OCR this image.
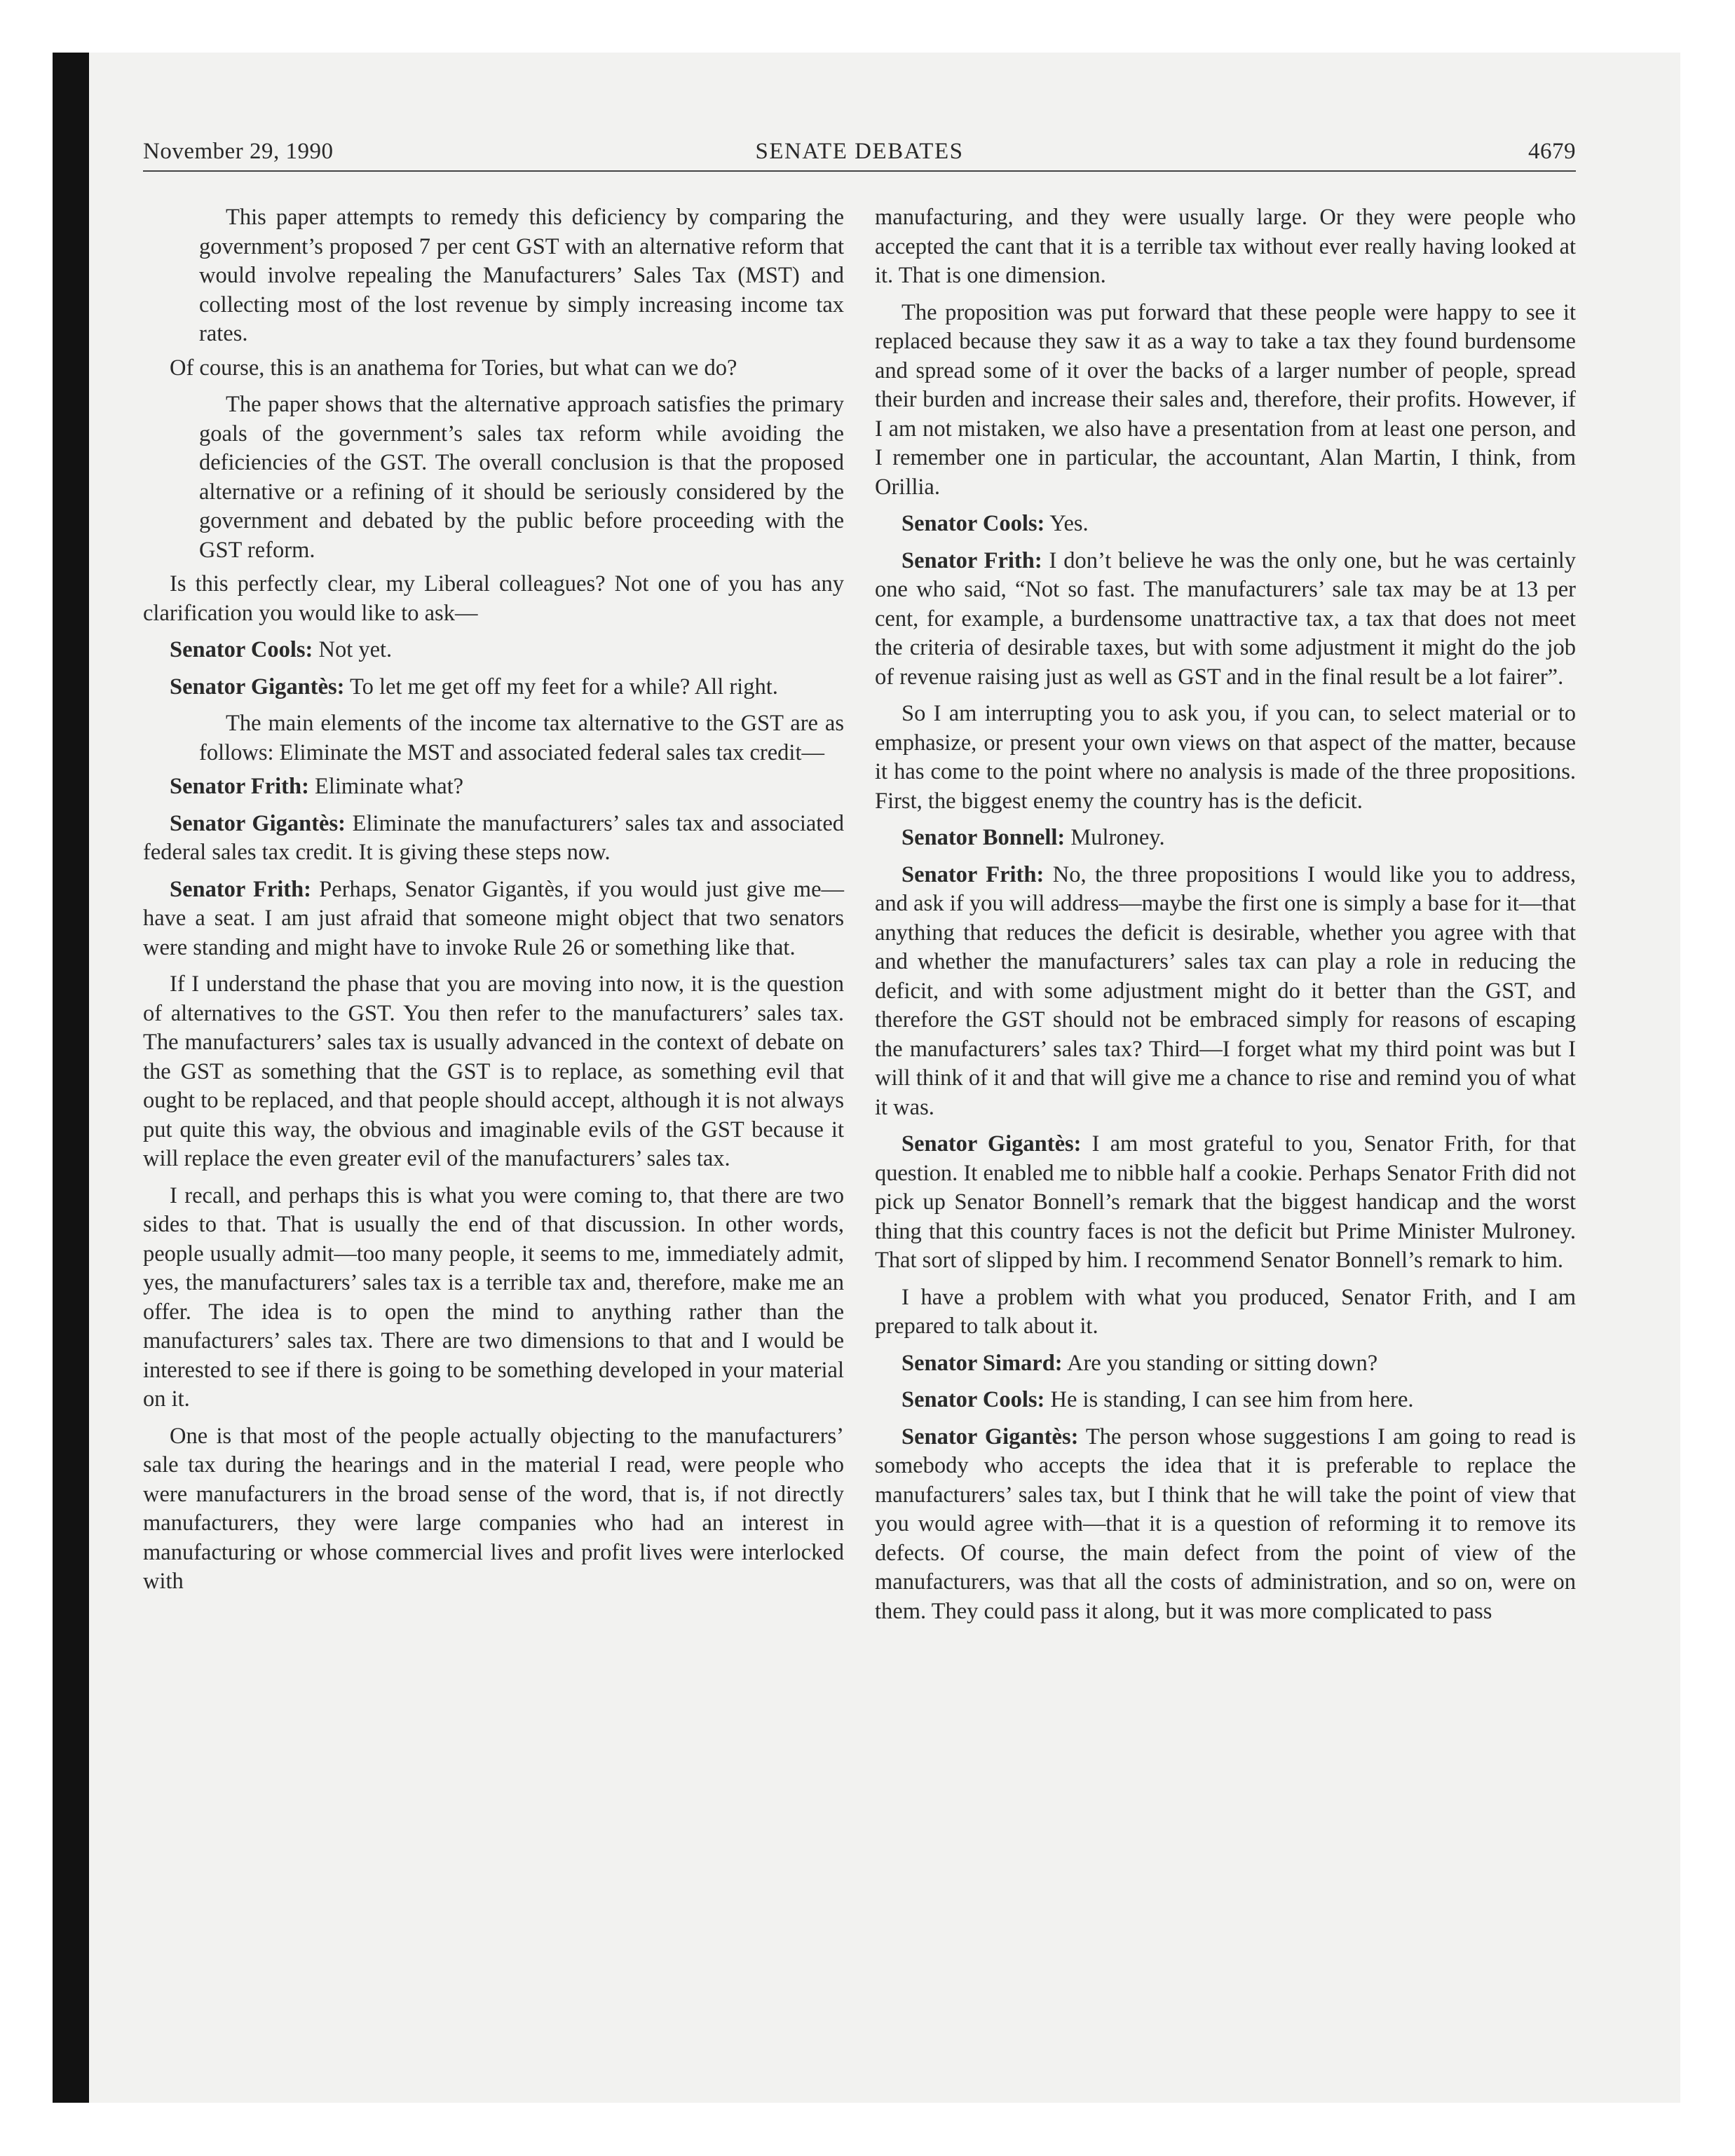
November 29, 1990	SENATE DEBATES	4679

This paper attempts to remedy this deficiency by comparing the government’s proposed 7 per cent GST with an alternative reform that would involve repealing the Manufacturers’ Sales Tax (MST) and collecting most of the lost revenue by simply increasing income tax rates.

Of course, this is an anathema for Tories, but what can we do?

The paper shows that the alternative approach satisfies the primary goals of the government’s sales tax reform while avoiding the deficiencies of the GST. The overall conclusion is that the proposed alternative or a refining of it should be seriously considered by the government and debated by the public before proceeding with the GST reform.

Is this perfectly clear, my Liberal colleagues? Not one of you has any clarification you would like to ask—

Senator Cools: Not yet.

Senator Gigantès: To let me get off my feet for a while? All right.

The main elements of the income tax alternative to the GST are as follows: Eliminate the MST and associated federal sales tax credit—

Senator Frith: Eliminate what?

Senator Gigantès: Eliminate the manufacturers’ sales tax and associated federal sales tax credit. It is giving these steps now.

Senator Frith: Perhaps, Senator Gigantès, if you would just give me—have a seat. I am just afraid that someone might object that two senators were standing and might have to invoke Rule 26 or something like that.

If I understand the phase that you are moving into now, it is the question of alternatives to the GST. You then refer to the manufacturers’ sales tax. The manufacturers’ sales tax is usually advanced in the context of debate on the GST as something that the GST is to replace, as something evil that ought to be replaced, and that people should accept, although it is not always put quite this way, the obvious and imaginable evils of the GST because it will replace the even greater evil of the manufacturers’ sales tax.

I recall, and perhaps this is what you were coming to, that there are two sides to that. That is usually the end of that discussion. In other words, people usually admit—too many people, it seems to me, immediately admit, yes, the manufacturers’ sales tax is a terrible tax and, therefore, make me an offer. The idea is to open the mind to anything rather than the manufacturers’ sales tax. There are two dimensions to that and I would be interested to see if there is going to be something developed in your material on it.

One is that most of the people actually objecting to the manufacturers’ sale tax during the hearings and in the material I read, were people who were manufacturers in the broad sense of the word, that is, if not directly manufacturers, they were large companies who had an interest in manufacturing or whose commercial lives and profit lives were interlocked with

manufacturing, and they were usually large. Or they were people who accepted the cant that it is a terrible tax without ever really having looked at it. That is one dimension.

The proposition was put forward that these people were happy to see it replaced because they saw it as a way to take a tax they found burdensome and spread some of it over the backs of a larger number of people, spread their burden and increase their sales and, therefore, their profits. However, if I am not mistaken, we also have a presentation from at least one person, and I remember one in particular, the accountant, Alan Martin, I think, from Orillia.

Senator Cools: Yes.

Senator Frith: I don’t believe he was the only one, but he was certainly one who said, “Not so fast. The manufacturers’ sale tax may be at 13 per cent, for example, a burdensome unattractive tax, a tax that does not meet the criteria of desirable taxes, but with some adjustment it might do the job of revenue raising just as well as GST and in the final result be a lot fairer”.

So I am interrupting you to ask you, if you can, to select material or to emphasize, or present your own views on that aspect of the matter, because it has come to the point where no analysis is made of the three propositions. First, the biggest enemy the country has is the deficit.

Senator Bonnell: Mulroney.

Senator Frith: No, the three propositions I would like you to address, and ask if you will address—maybe the first one is simply a base for it—that anything that reduces the deficit is desirable, whether you agree with that and whether the manufacturers’ sales tax can play a role in reducing the deficit, and with some adjustment might do it better than the GST, and therefore the GST should not be embraced simply for reasons of escaping the manufacturers’ sales tax? Third—I forget what my third point was but I will think of it and that will give me a chance to rise and remind you of what it was.

Senator Gigantès: I am most grateful to you, Senator Frith, for that question. It enabled me to nibble half a cookie. Perhaps Senator Frith did not pick up Senator Bonnell’s remark that the biggest handicap and the worst thing that this country faces is not the deficit but Prime Minister Mulroney. That sort of slipped by him. I recommend Senator Bonnell’s remark to him.

I have a problem with what you produced, Senator Frith, and I am prepared to talk about it.

Senator Simard: Are you standing or sitting down?

Senator Cools: He is standing, I can see him from here.

Senator Gigantès: The person whose suggestions I am going to read is somebody who accepts the idea that it is preferable to replace the manufacturers’ sales tax, but I think that he will take the point of view that you would agree with—that it is a question of reforming it to remove its defects. Of course, the main defect from the point of view of the manufacturers, was that all the costs of administration, and so on, were on them. They could pass it along, but it was more complicated to pass
